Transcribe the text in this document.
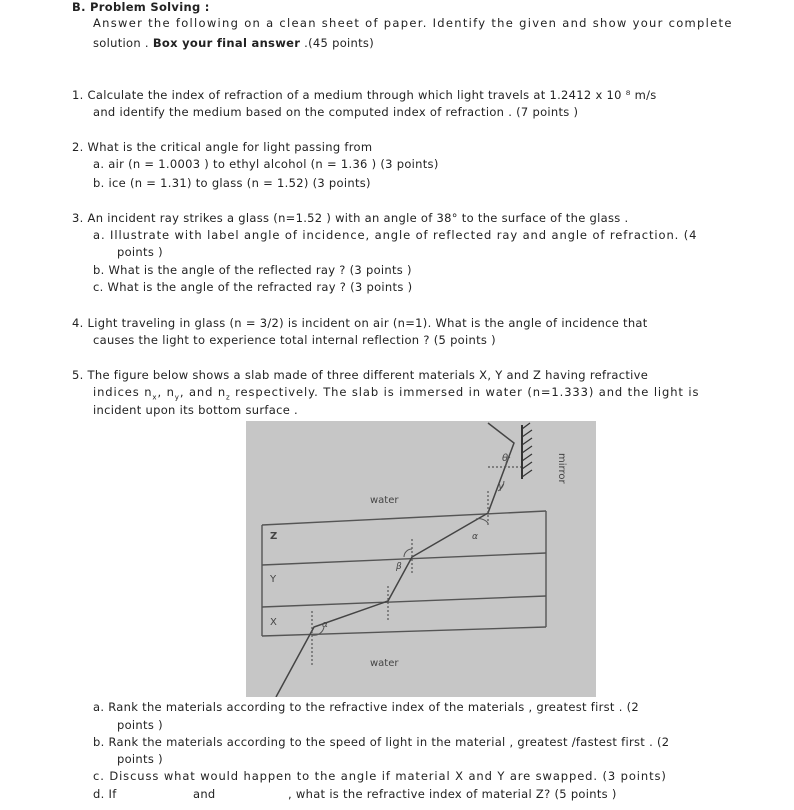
B. Problem Solving :
Answer the following on a clean sheet of paper. Identify the given and show your complete
solution . Box your final answer .(45 points)
1. Calculate the index of refraction of a medium through which light travels at 1.2412 x 10 ⁸ m/s
and identify the medium based on the computed index of refraction . (7 points )
2. What is the critical angle for light passing from
a. air (n = 1.0003 ) to ethyl alcohol (n = 1.36 ) (3 points)
b. ice (n = 1.31) to glass (n = 1.52) (3 points)
3. An incident ray strikes a glass (n=1.52 ) with an angle of 38° to the surface of the glass .
a. Illustrate with label angle of incidence, angle of reflected ray and angle of refraction. (4
points )
b. What is the angle of the reflected ray ? (3 points )
c. What is the angle of the refracted ray ? (3 points )
4. Light traveling in glass (n = 3/2) is incident on air (n=1). What is the angle of incidence that
causes the light to experience total internal reflection ? (5 points )
5. The figure below shows a slab made of three different materials X, Y and Z having refractive
indices $n_x$, $n_y$, and $n_z$ respectively. The slab is immersed in water (n=1.333) and the light is
incident upon its bottom surface .
water
water
Z
Y
X
θ
γ
α
β
α
mirror
a. Rank the materials according to the refractive index of the materials , greatest first . (2
points )
b. Rank the materials according to the speed of light in the material , greatest /fastest first . (2
points )
c. Discuss what would happen to the angle if material X and Y are swapped. (3 points)
d. If	and	, what is the refractive index of material Z? (5 points )
